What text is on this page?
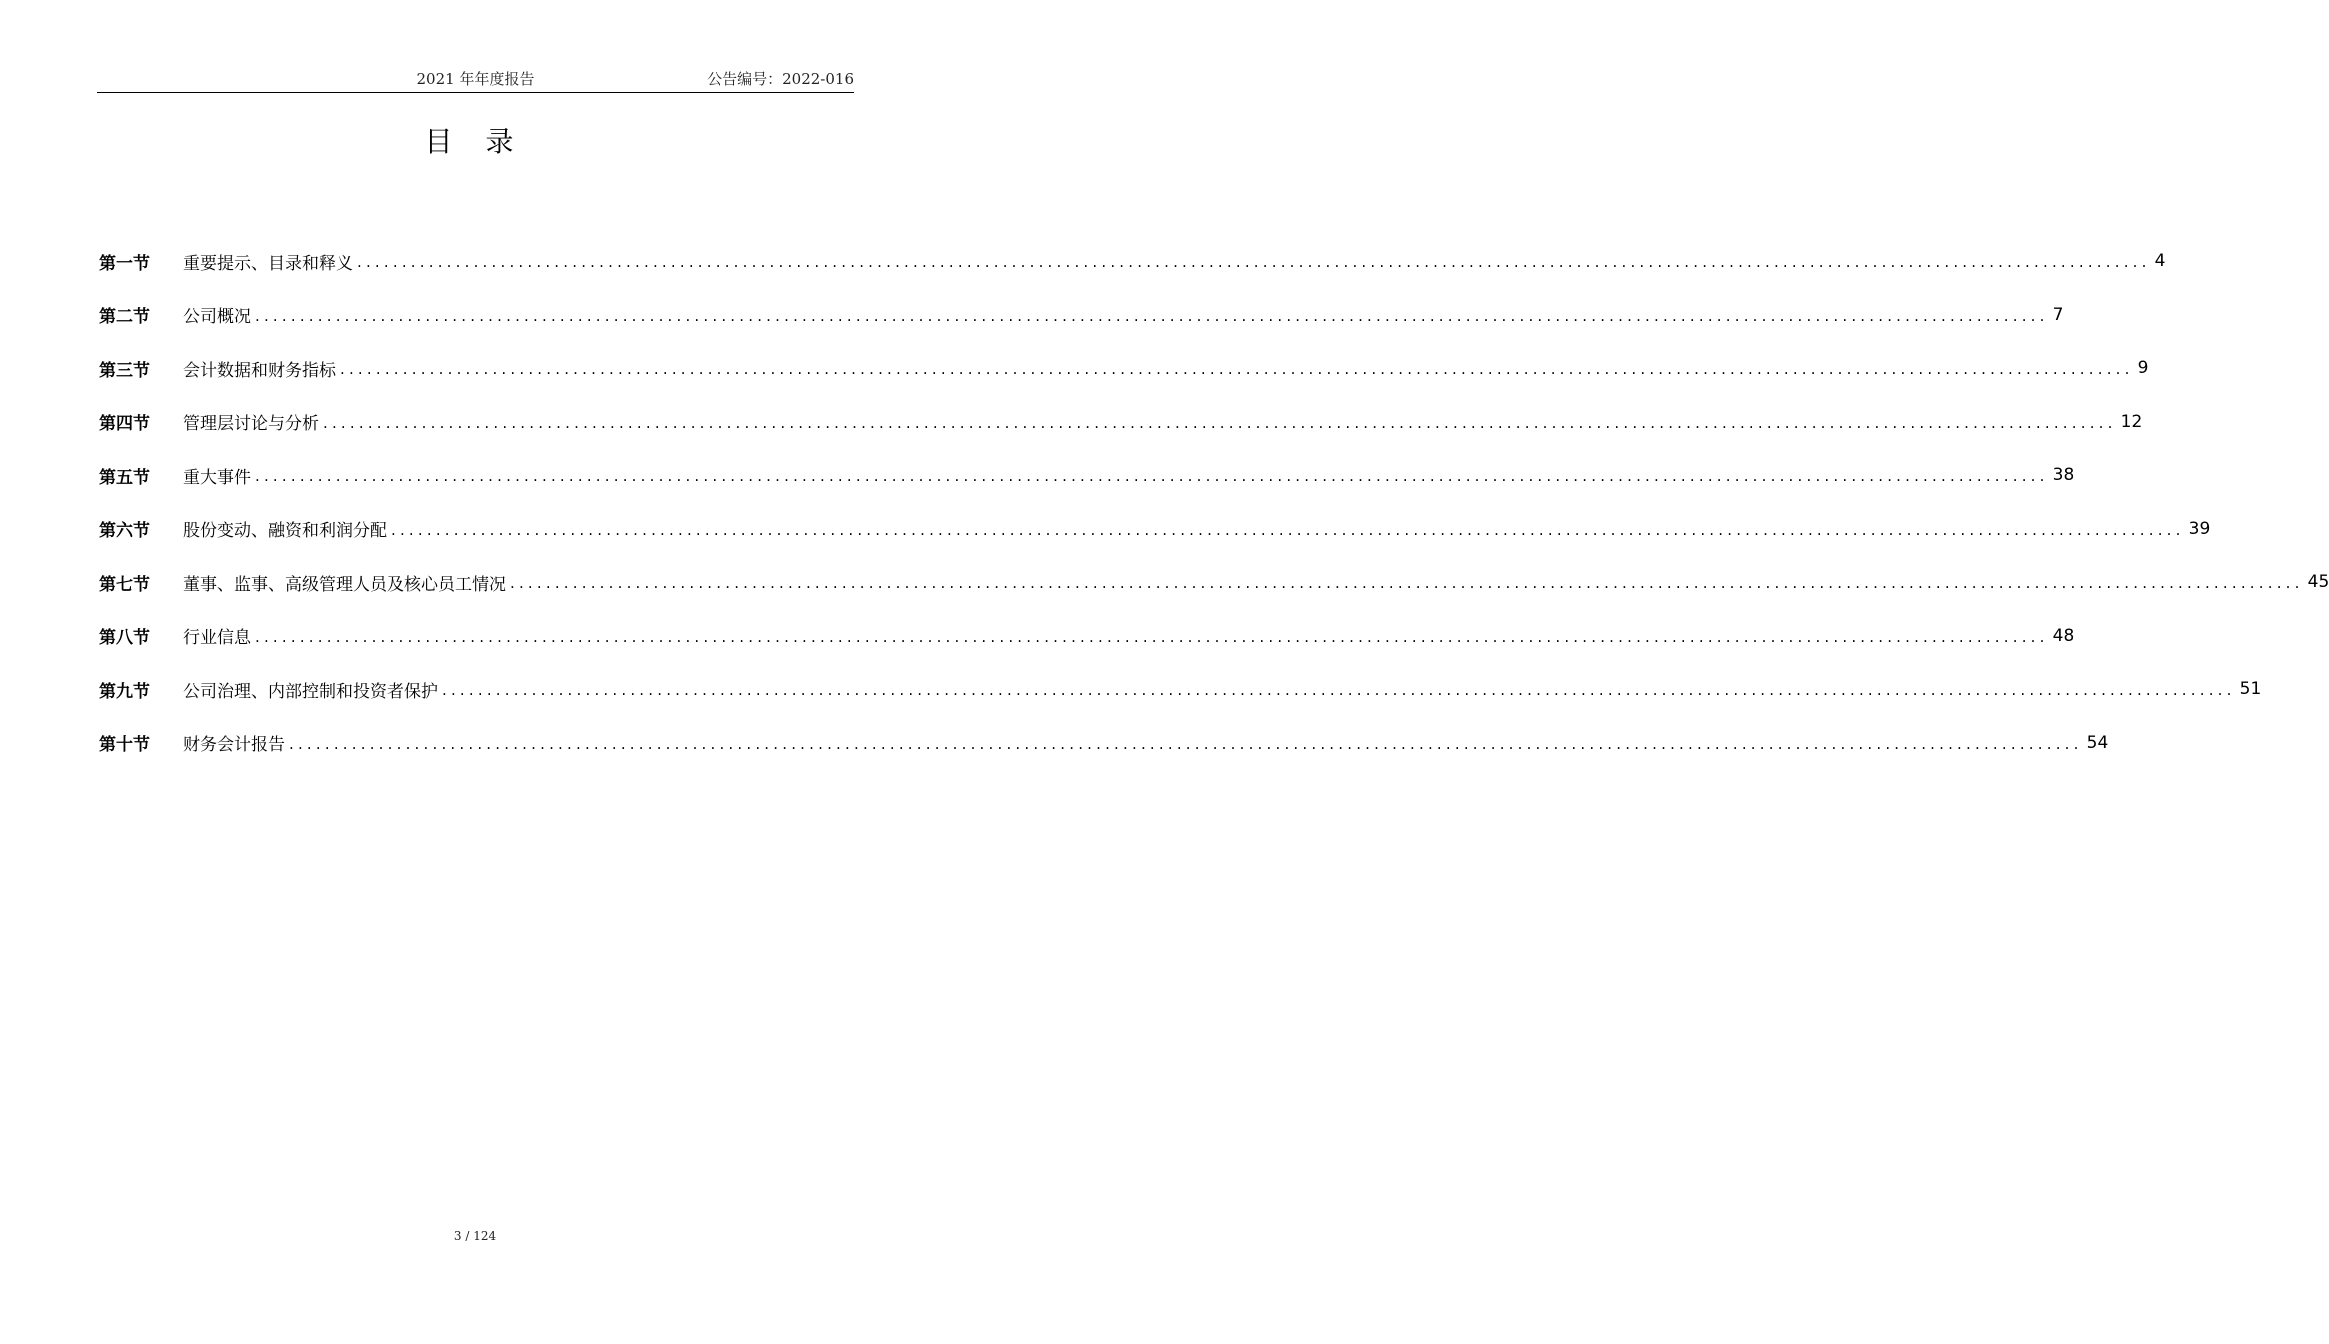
2021 年年度报告	公告编号：2022-016
目 录
第一节	重要提示、目录和释义 ........................................................................................................................................................................................................ 4
第二节	公司概况 ........................................................................................................................................................................................................ 7
第三节	会计数据和财务指标 ........................................................................................................................................................................................................ 9
第四节	管理层讨论与分析 ........................................................................................................................................................................................................ 12
第五节	重大事件 ........................................................................................................................................................................................................ 38
第六节	股份变动、融资和利润分配 ........................................................................................................................................................................................................ 39
第七节	董事、监事、高级管理人员及核心员工情况 ........................................................................................................................................................................................................ 45
第八节	行业信息 ........................................................................................................................................................................................................ 48
第九节	公司治理、内部控制和投资者保护 ........................................................................................................................................................................................................ 51
第十节	财务会计报告 ........................................................................................................................................................................................................ 54
3 / 124
